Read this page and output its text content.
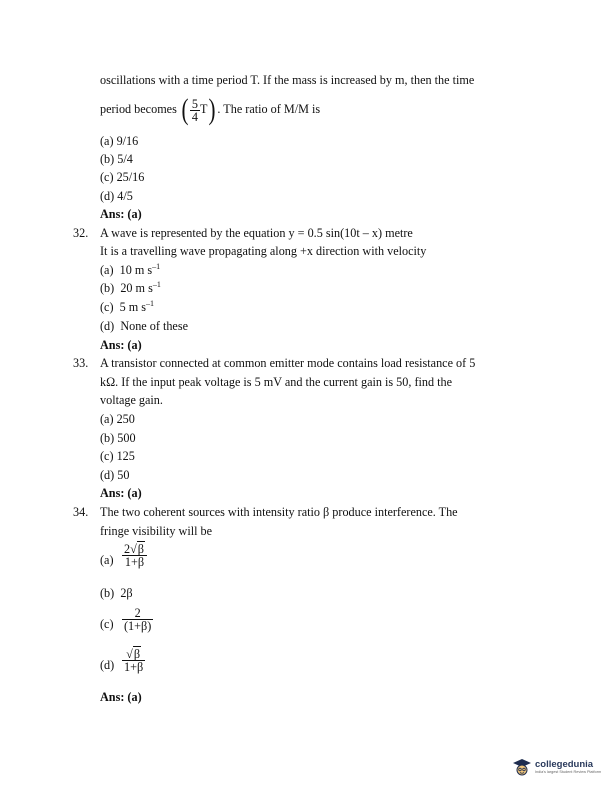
oscillations with a time period T. If the mass is increased by m, then the time
period becomes ( $\frac{5}{4} T$) . The ratio of M/M is
(a) 9/16
(b) 5/4
(c) 25/16
(d) 4/5
Ans: (a)
32. A wave is represented by the equation y = 0.5 sin(10t – x) metre
It is a travelling wave propagating along +x direction with velocity
(a) 10 m $s^{-1}$
(b) 20 m $s^{-1}$
(c) 5 m $s^{-1}$
(d) None of these
Ans: (a)
33. A transistor connected at common emitter mode contains load resistance of 5
kΩ. If the input peak voltage is 5 mV and the current gain is 50, find the
voltage gain.
(a) 250
(b) 500
(c) 125
(d) 50
Ans: (a)
34. The two coherent sources with intensity ratio β produce interference. The
fringe visibility will be
$(a) \frac{2√\beta}{1+\beta}$
(b) 2β
$(c) \frac{2}{(1+\beta)}$
$(d) \frac{√\beta}{1+\beta}$
Ans: (a)
collegedunia
India's largest Student Review Platform
